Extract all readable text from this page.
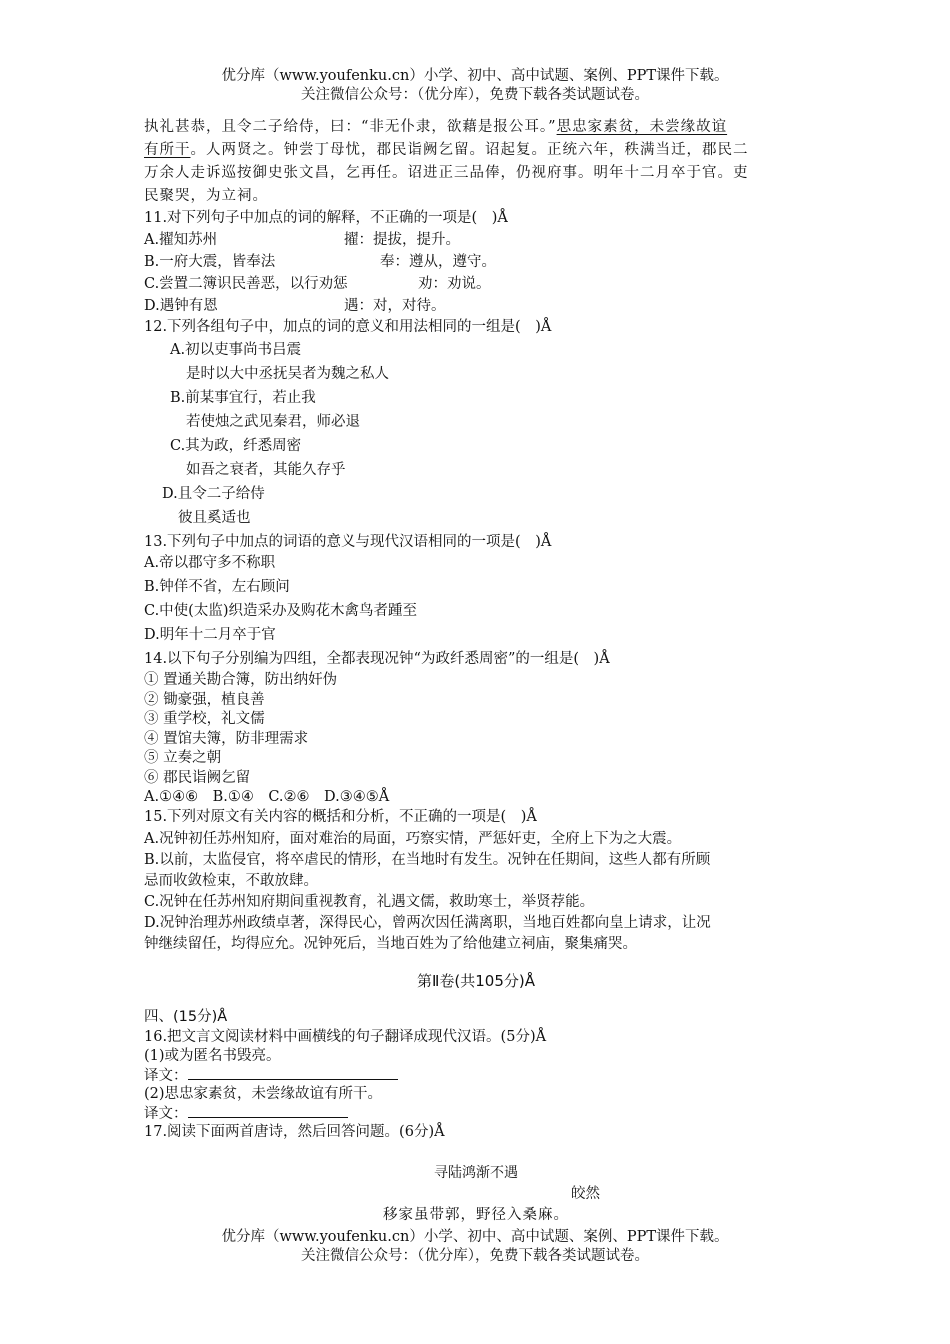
优分库（www.youfenku.cn）小学、初中、高中试题、案例、PPT课件下载。
关注微信公众号：（优分库），免费下载各类试题试卷。

执礼甚恭，且令二子给侍，曰：“非无仆隶，欲藉是报公耳。”思忠家素贫，未尝缘故谊

有所干。人两贤之。钟尝丁母忧，郡民诣阙乞留。诏起复。正统六年，秩满当迁，郡民二

万余人走诉巡按御史张文昌，乞再任。诏进正三品俸，仍视府事。明年十二月卒于官。吏

民聚哭，为立祠。

11.对下列句子中加点的词的解释，不正确的一项是(　)Å

A.擢知苏州	擢：提拔，提升。
B.一府大震，皆奉法	奉：遵从，遵守。
C.尝置二簿识民善恶，以行劝惩	劝：劝说。
D.遇钟有恩	遇：对，对待。

12.下列各组句子中，加点的词的意义和用法相同的一组是(　)Å

A.初以吏事尚书吕震

是时以大中丞抚吴者为魏之私人

B.前某事宜行，若止我

若使烛之武见秦君，师必退

C.其为政，纤悉周密

如吾之衰者，其能久存乎

D.且令二子给侍

彼且奚适也

13.下列句子中加点的词语的意义与现代汉语相同的一项是(　)Å

A.帝以郡守多不称职

B.钟佯不省，左右顾问

C.中使(太监)织造采办及购花木禽鸟者踵至

D.明年十二月卒于官

14.以下句子分别编为四组，全都表现况钟“为政纤悉周密”的一组是(　)Å

① 置通关勘合簿，防出纳奸伪

② 锄豪强，植良善

③ 重学校，礼文儒

④ 置馆夫簿，防非理需求

⑤ 立奏之朝

⑥ 郡民诣阙乞留

A.①④⑥　B.①④　C.②⑥　D.③④⑤Å

15.下列对原文有关内容的概括和分析，不正确的一项是(　)Å

A.况钟初任苏州知府，面对难治的局面，巧察实情，严惩奸吏，全府上下为之大震。

B.以前，太监侵官，将卒虐民的情形，在当地时有发生。况钟在任期间，这些人都有所顾

忌而收敛检束，不敢放肆。

C.况钟在任苏州知府期间重视教育，礼遇文儒，救助寒士，举贤荐能。

D.况钟治理苏州政绩卓著，深得民心，曾两次因任满离职，当地百姓都向皇上请求，让况

钟继续留任，均得应允。况钟死后，当地百姓为了给他建立祠庙，聚集痛哭。

第Ⅱ卷(共105分)Å

四、(15分)Å

16.把文言文阅读材料中画横线的句子翻译成现代汉语。(5分)Å

(1)或为匿名书毁亮。

译文：

(2)思忠家素贫，未尝缘故谊有所干。

译文：

17.阅读下面两首唐诗，然后回答问题。(6分)Å

寻陆鸿渐不遇
皎然
移家虽带郭，野径入桑麻。
优分库（www.youfenku.cn）小学、初中、高中试题、案例、PPT课件下载。
关注微信公众号：（优分库），免费下载各类试题试卷。
